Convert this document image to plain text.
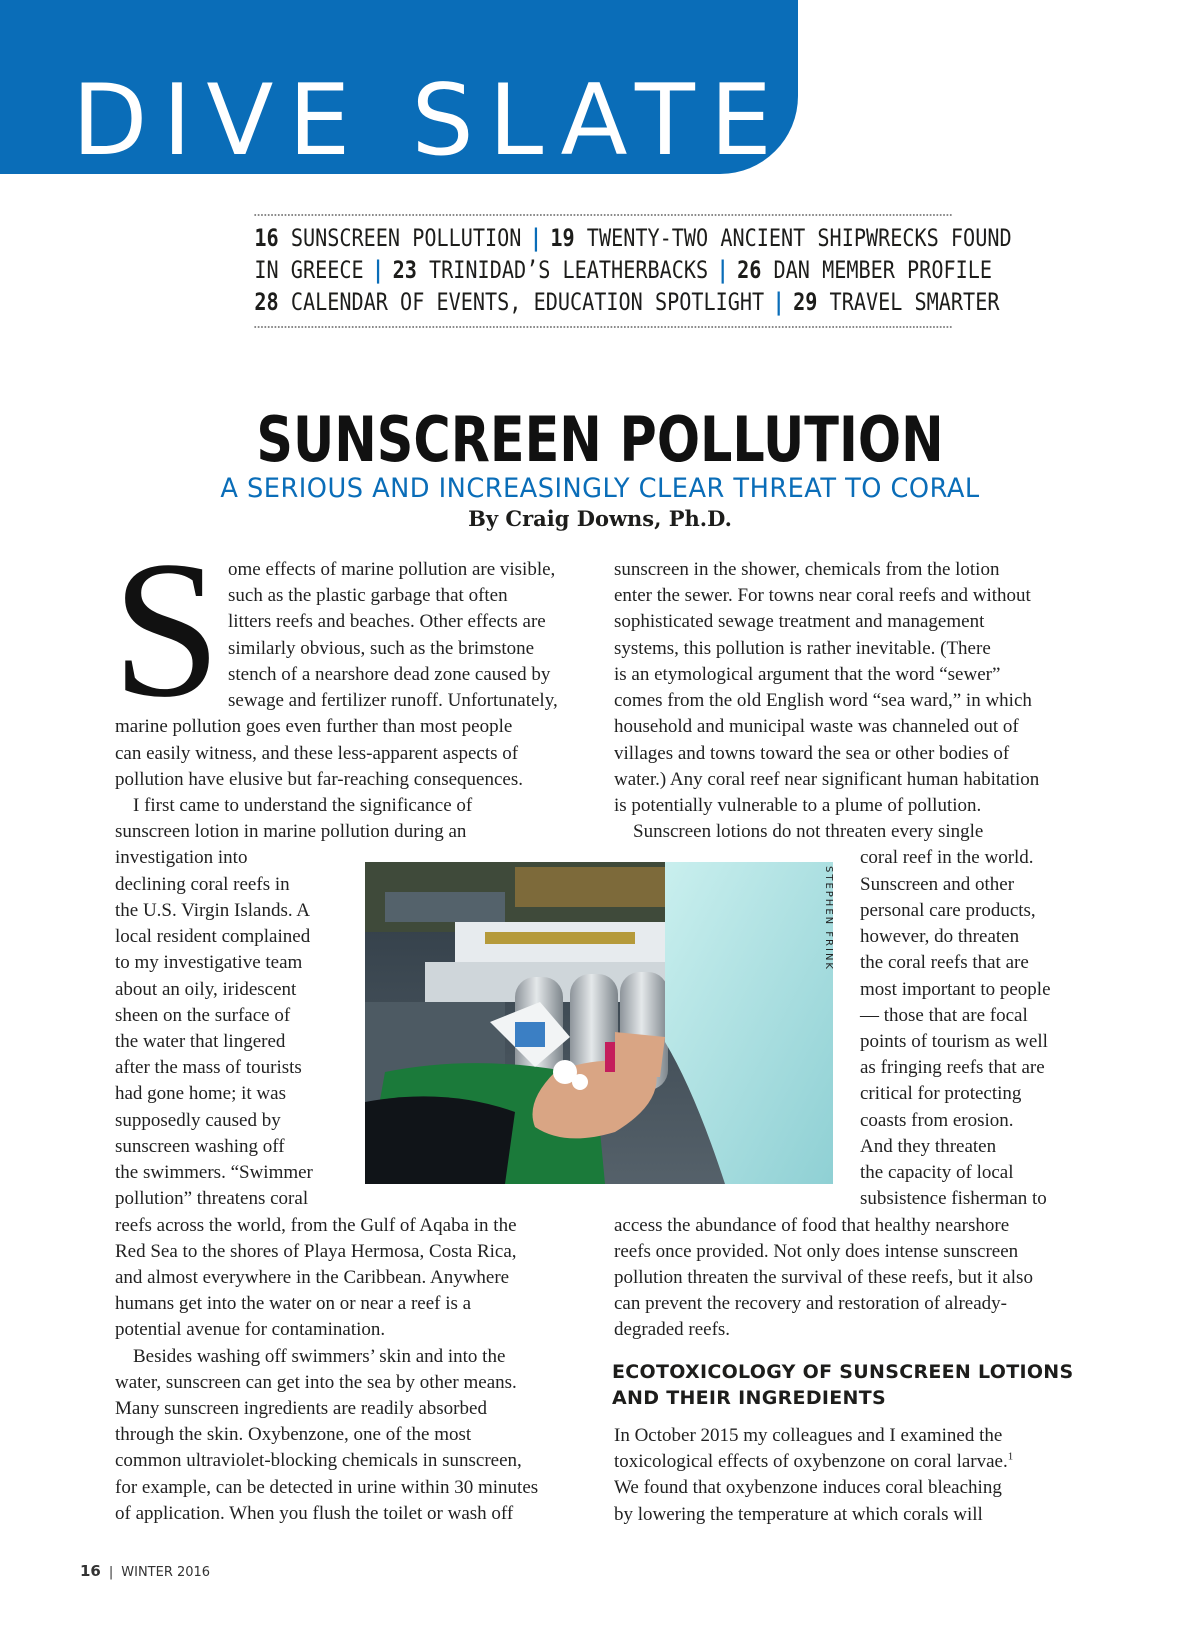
DIVE SLATE
16 SUNSCREEN POLLUTION | 19 TWENTY-TWO ANCIENT SHIPWRECKS FOUND
IN GREECE | 23 TRINIDAD’S LEATHERBACKS | 26 DAN MEMBER PROFILE
28 CALENDAR OF EVENTS, EDUCATION SPOTLIGHT | 29 TRAVEL SMARTER
SUNSCREEN POLLUTION
A SERIOUS AND INCREASINGLY CLEAR THREAT TO CORAL
By Craig Downs, Ph.D.
S ome effects of marine pollution are visible,
such as the plastic garbage that often
litters reefs and beaches. Other effects are
similarly obvious, such as the brimstone
stench of a nearshore dead zone caused by
sewage and fertilizer runoff. Unfortunately,
marine pollution goes even further than most people
can easily witness, and these less-apparent aspects of
pollution have elusive but far-reaching consequences.
I first came to understand the significance of
sunscreen lotion in marine pollution during an
investigation into
declining coral reefs in
the U.S. Virgin Islands. A
local resident complained
to my investigative team
about an oily, iridescent
sheen on the surface of
the water that lingered
after the mass of tourists
had gone home; it was
supposedly caused by
sunscreen washing off
the swimmers. “Swimmer
pollution” threatens coral
reefs across the world, from the Gulf of Aqaba in the
Red Sea to the shores of Playa Hermosa, Costa Rica,
and almost everywhere in the Caribbean. Anywhere
humans get into the water on or near a reef is a
potential avenue for contamination.
Besides washing off swimmers’ skin and into the
water, sunscreen can get into the sea by other means.
Many sunscreen ingredients are readily absorbed
through the skin. Oxybenzone, one of the most
common ultraviolet-blocking chemicals in sunscreen,
for example, can be detected in urine within 30 minutes
of application. When you flush the toilet or wash off
sunscreen in the shower, chemicals from the lotion
enter the sewer. For towns near coral reefs and without
sophisticated sewage treatment and management
systems, this pollution is rather inevitable. (There
is an etymological argument that the word “sewer”
comes from the old English word “sea ward,” in which
household and municipal waste was channeled out of
villages and towns toward the sea or other bodies of
water.) Any coral reef near significant human habitation
is potentially vulnerable to a plume of pollution.
Sunscreen lotions do not threaten every single
coral reef in the world.
Sunscreen and other
personal care products,
however, do threaten
the coral reefs that are
most important to people
— those that are focal
points of tourism as well
as fringing reefs that are
critical for protecting
coasts from erosion.
And they threaten
the capacity of local
subsistence fisherman to
access the abundance of food that healthy nearshore
reefs once provided. Not only does intense sunscreen
pollution threaten the survival of these reefs, but it also
can prevent the recovery and restoration of already-
degraded reefs.
ECOTOXICOLOGY OF SUNSCREEN LOTIONS
AND THEIR INGREDIENTS
In October 2015 my colleagues and I examined the
toxicological effects of oxybenzone on coral larvae.$^1$
We found that oxybenzone induces coral bleaching
by lowering the temperature at which corals will
STEPHEN FRINK
16 | WINTER 2016
